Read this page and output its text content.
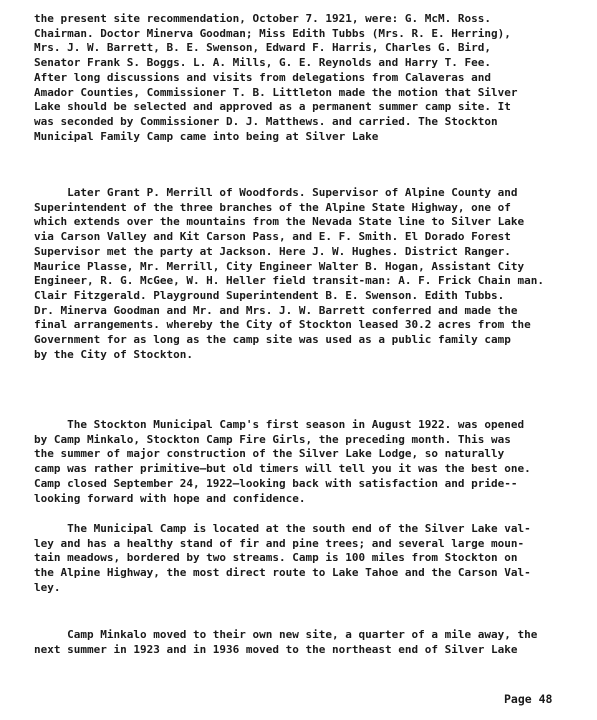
the present site recommendation, October 7. 1921, were: G. McM. Ross.
Chairman. Doctor Minerva Goodman; Miss Edith Tubbs (Mrs. R. E. Herring),
Mrs. J. W. Barrett, B. E. Swenson, Edward F. Harris, Charles G. Bird,
Senator Frank S. Boggs. L. A. Mills, G. E. Reynolds and Harry T. Fee.
After long discussions and visits from delegations from Calaveras and
Amador Counties, Commissioner T. B. Littleton made the motion that Silver
Lake should be selected and approved as a permanent summer camp site. It
was seconded by Commissioner D. J. Matthews. and carried. The Stockton
Municipal Family Camp came into being at Silver Lake
Later Grant P. Merrill of Woodfords. Supervisor of Alpine County and
Superintendent of the three branches of the Alpine State Highway, one of
which extends over the mountains from the Nevada State line to Silver Lake
via Carson Valley and Kit Carson Pass, and E. F. Smith. El Dorado Forest
Supervisor met the party at Jackson. Here J. W. Hughes. District Ranger.
Maurice Plasse, Mr. Merrill, City Engineer Walter B. Hogan, Assistant City
Engineer, R. G. McGee, W. H. Heller field transit-man: A. F. Frick Chain man.
Clair Fitzgerald. Playground Superintendent B. E. Swenson. Edith Tubbs.
Dr. Minerva Goodman and Mr. and Mrs. J. W. Barrett conferred and made the
final arrangements. whereby the City of Stockton leased 30.2 acres from the
Government for as long as the camp site was used as a public family camp
by the City of Stockton.
The Stockton Municipal Camp's first season in August 1922. was opened
by Camp Minkalo, Stockton Camp Fire Girls, the preceding month. This was
the summer of major construction of the Silver Lake Lodge, so naturally
camp was rather primitive—but old timers will tell you it was the best one.
Camp closed September 24, 1922—looking back with satisfaction and pride--
looking forward with hope and confidence.
The Municipal Camp is located at the south end of the Silver Lake val-
ley and has a healthy stand of fir and pine trees; and several large moun-
tain meadows, bordered by two streams. Camp is 100 miles from Stockton on
the Alpine Highway, the most direct route to Lake Tahoe and the Carson Val-
ley.
Camp Minkalo moved to their own new site, a quarter of a mile away, the
next summer in 1923 and in 1936 moved to the northeast end of Silver Lake
Page 48
